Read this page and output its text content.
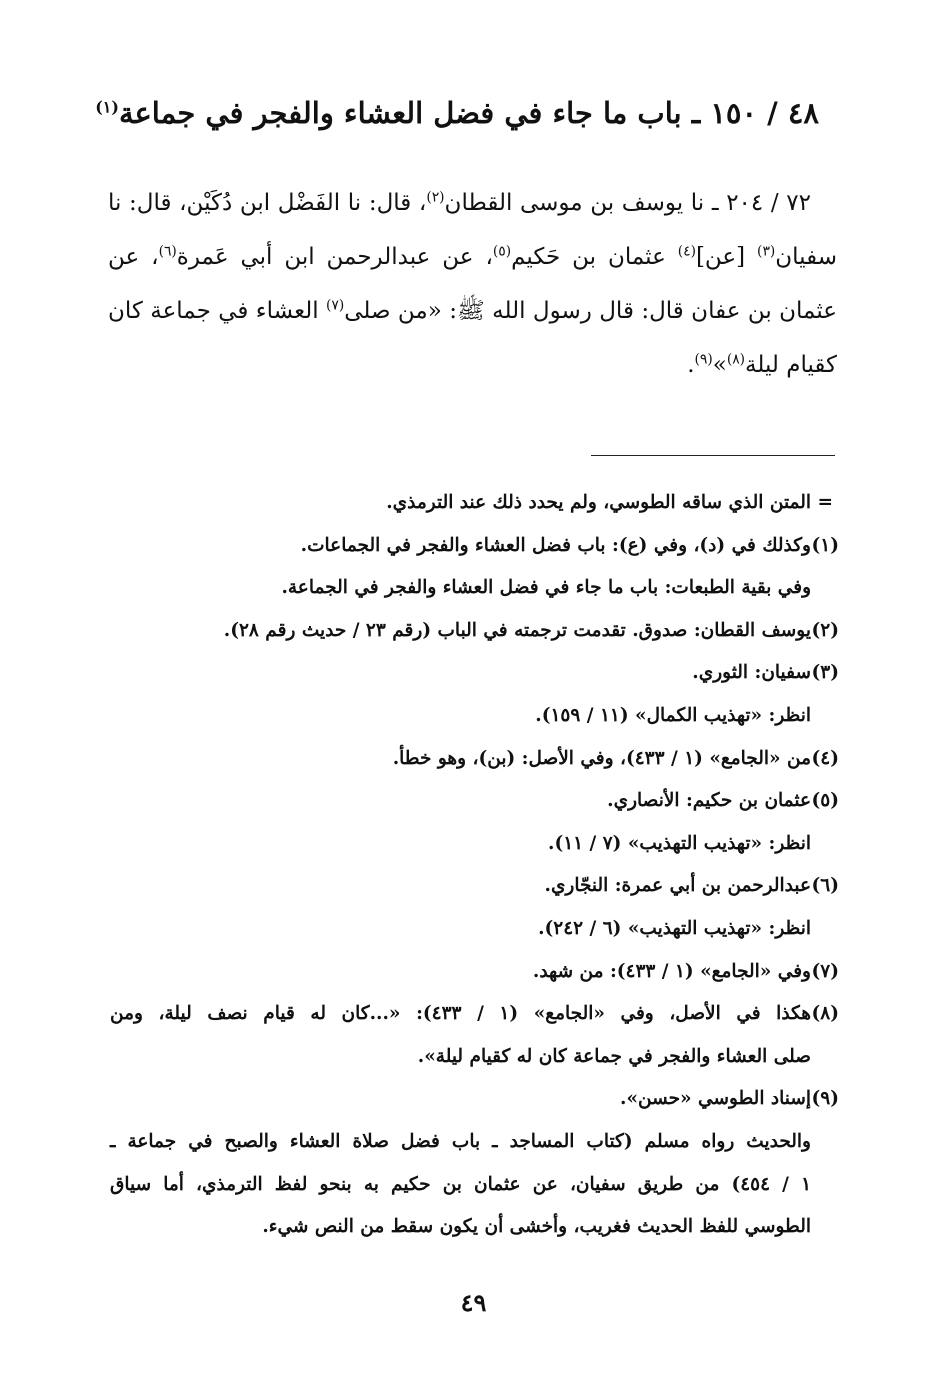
٤٨ / ١٥٠ ـ باب ما جاء في فضل العشاء والفجر في جماعة$^{(١)}$

٧٢ / ٢٠٤ ـ نا يوسف بن موسى القطان$^{(٢)}$، قال: نا الفَضْل ابن دُكَيْن، قال: نا سفيان$^{(٣)}$ [عن]$^{(٤)}$ عثمان بن حَكيم$^{(٥)}$، عن عبدالرحمن ابن أبي عَمرة$^{(٦)}$، عن عثمان بن عفان قال: قال رسول الله ﷺ: «من صلى$^{(٧)}$ العشاء في جماعة كان كقيام ليلة$^{(٨)}$»$^{(٩)}$.

=
المتن الذي ساقه الطوسي، ولم يحدد ذلك عند الترمذي.
(١)
وكذلك في (د)، وفي (ع): باب فضل العشاء والفجر في الجماعات.
وفي بقية الطبعات: باب ما جاء في فضل العشاء والفجر في الجماعة.
(٢)
يوسف القطان: صدوق. تقدمت ترجمته في الباب (رقم ٢٣ / حديث رقم ٢٨).
(٣)
سفيان: الثوري.
انظر: «تهذيب الكمال» (١١ / ١٥٩).
(٤)
من «الجامع» (١ / ٤٣٣)، وفي الأصل: (بن)، وهو خطأ.
(٥)
عثمان بن حكيم: الأنصاري.
انظر: «تهذيب التهذيب» (٧ / ١١).
(٦)
عبدالرحمن بن أبي عمرة: النجّاري.
انظر: «تهذيب التهذيب» (٦ / ٢٤٢).
(٧)
وفي «الجامع» (١ / ٤٣٣): من شهد.
(٨)
هكذا في الأصل، وفي «الجامع» (١ / ٤٣٣): «...كان له قيام نصف ليلة، ومن
صلى العشاء والفجر في جماعة كان له كقيام ليلة».
(٩)
إسناد الطوسي «حسن».
والحديث رواه مسلم (كتاب المساجد ـ باب فضل صلاة العشاء والصبح في جماعة ـ
١ / ٤٥٤) من طريق سفيان، عن عثمان بن حكيم به بنحو لفظ الترمذي، أما سياق
الطوسي للفظ الحديث فغريب، وأخشى أن يكون سقط من النص شيء.
٤٩
